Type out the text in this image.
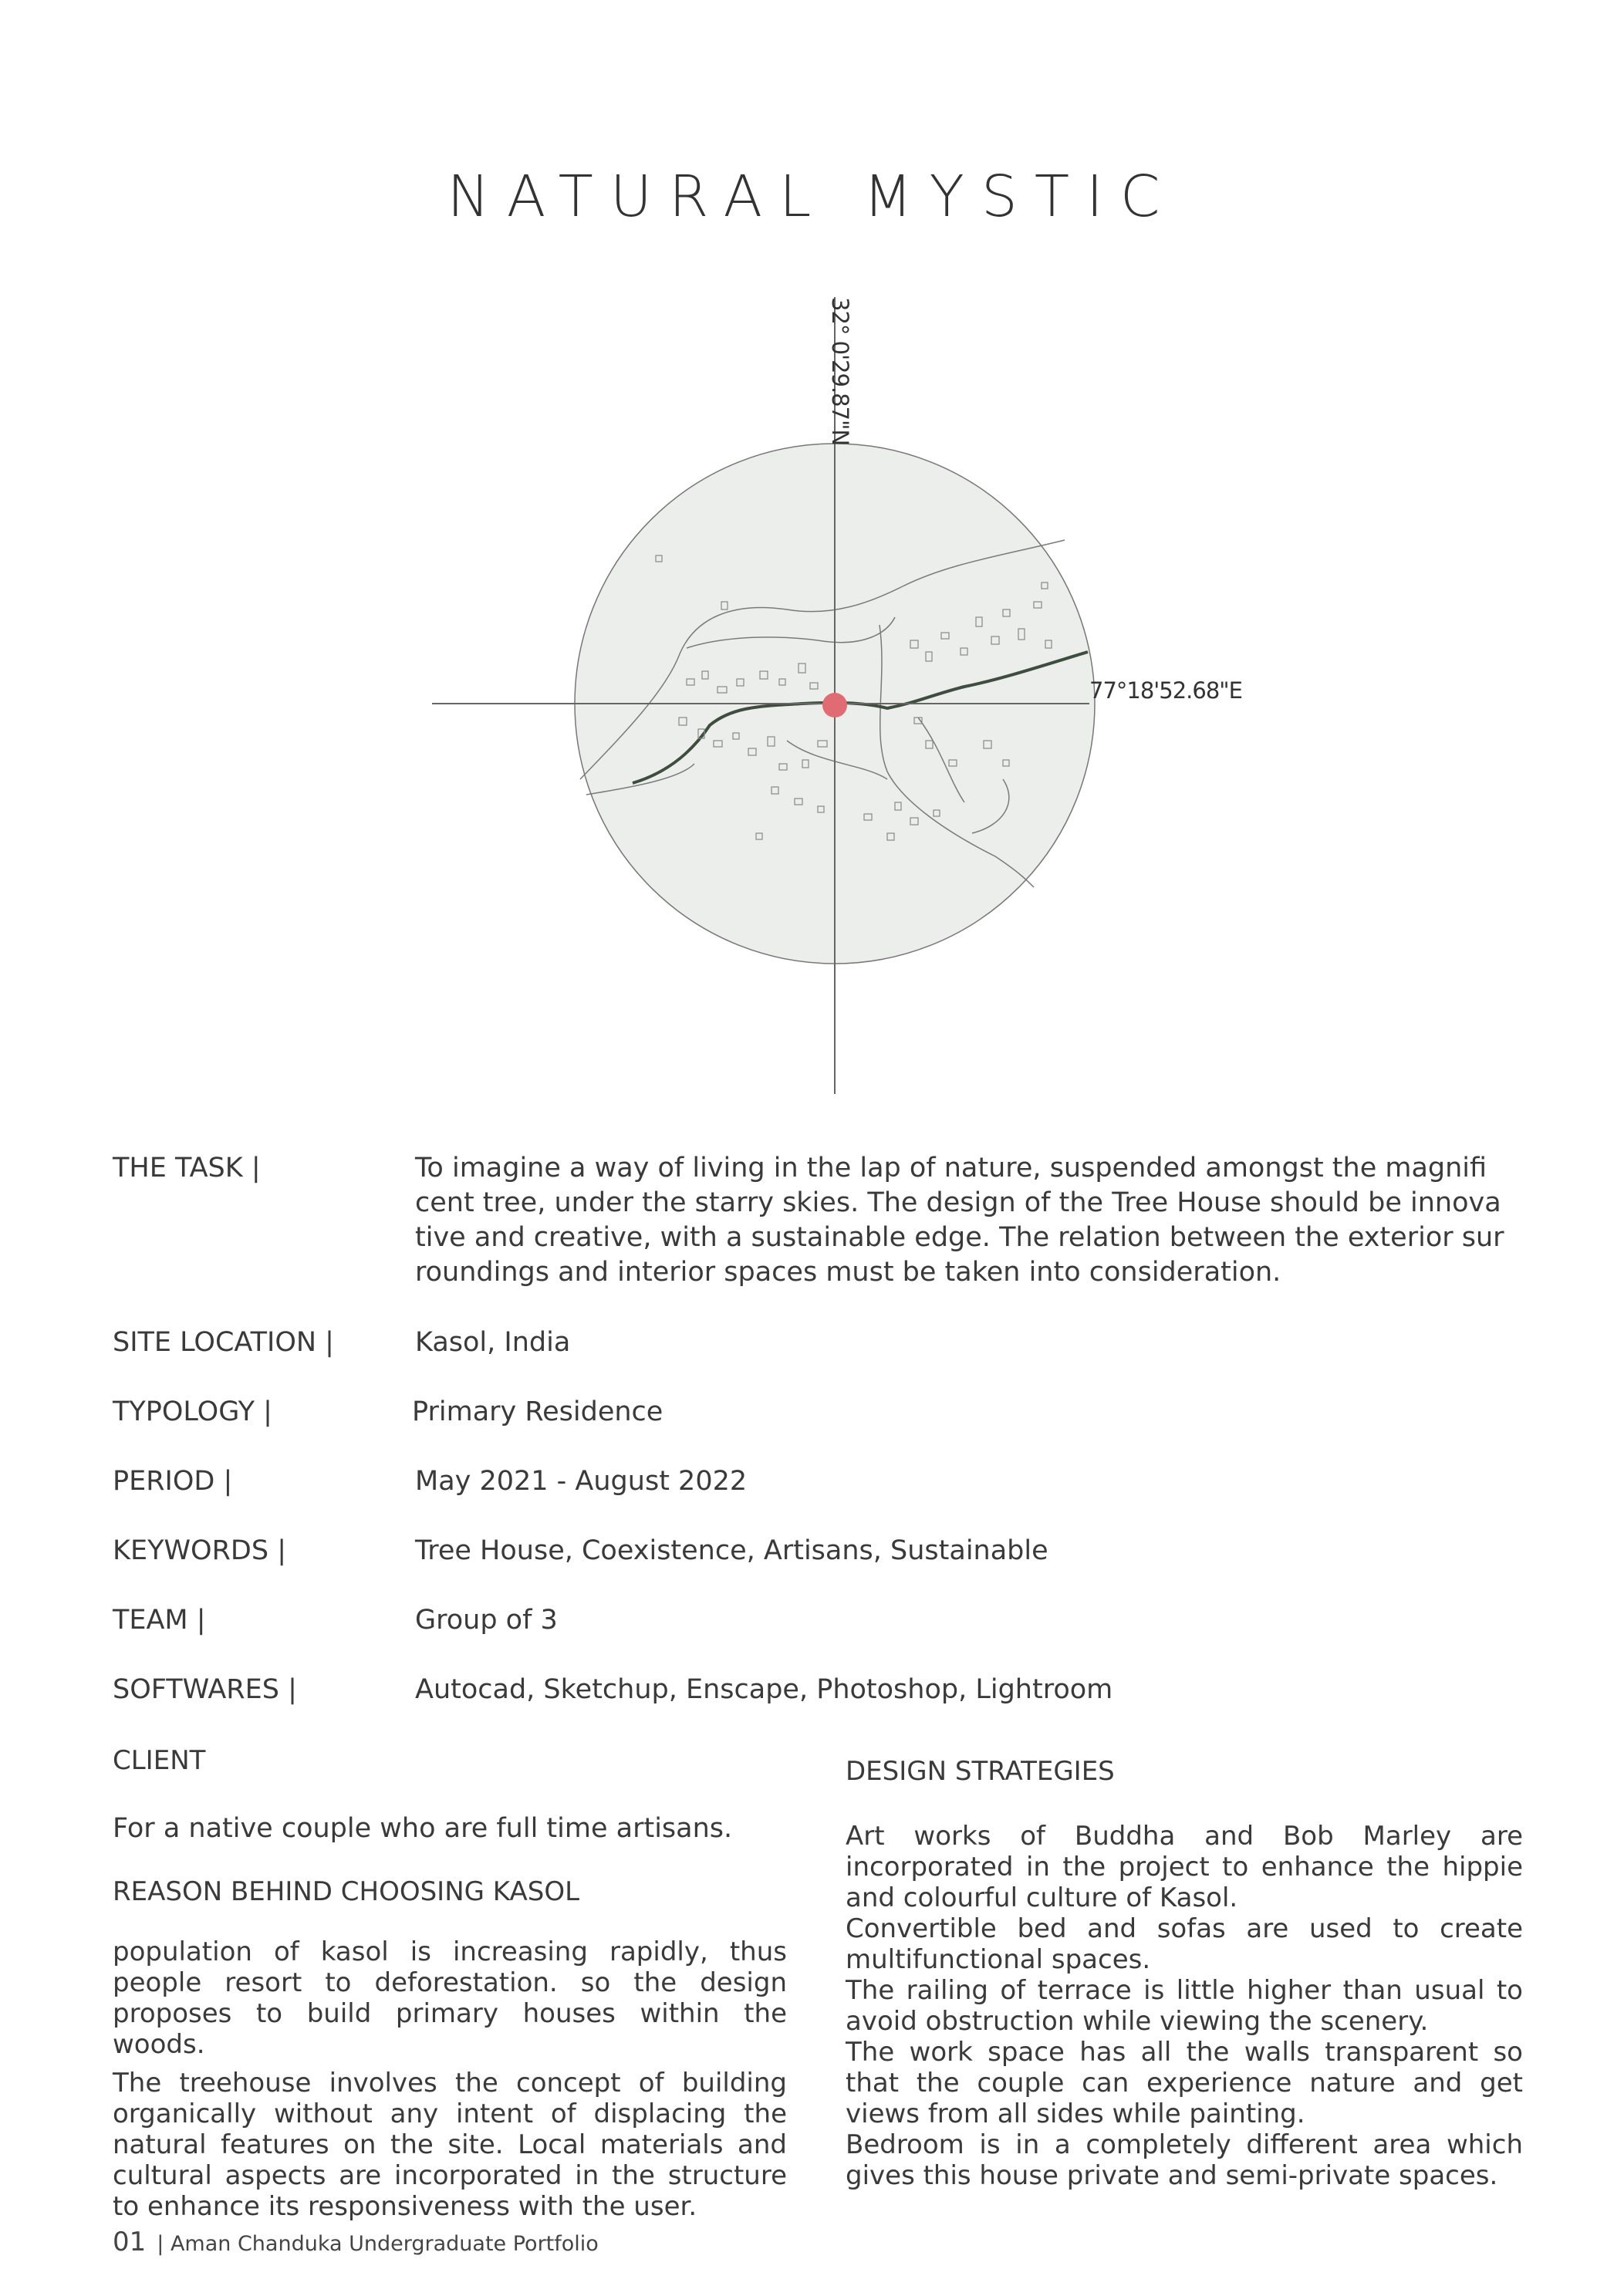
NATURAL MYSTIC
32° 0'29.87"N
77°18'52.68"E
THE TASK |	To imagine a way of living in the lap of nature, suspended amongst the magnifi
cent tree, under the starry skies. The design of the Tree House should be innova
tive and creative, with a sustainable edge. The relation between the exterior sur
roundings and interior spaces must be taken into consideration.
SITE LOCATION |	Kasol, India
TYPOLOGY |	Primary Residence
PERIOD |	May 2021 - August 2022
KEYWORDS |	Tree House, Coexistence, Artisans, Sustainable
TEAM |	Group of 3
SOFTWARES |	Autocad, Sketchup, Enscape, Photoshop, Lightroom
CLIENT
For a native couple who are full time artisans.
REASON BEHIND CHOOSING KASOL

population of kasol is increasing rapidly, thus people resort to deforestation. so the design proposes to build primary houses within the woods.

The treehouse involves the concept of building organically without any intent of displacing the natural features on the site. Local materials and cultural aspects are incorporated in the structure to enhance its responsiveness with the user.

DESIGN STRATEGIES

Art works of Buddha and Bob Marley are incorporated in the project to enhance the hippie and colourful culture of Kasol.

Convertible bed and sofas are used to create multifunctional spaces.

The railing of terrace is little higher than usual to avoid obstruction while viewing the scenery.

The work space has all the walls transparent so that the couple can experience nature and get views from all sides while painting.

Bedroom is in a completely different area which gives this house private and semi-private spaces.

01 | Aman Chanduka Undergraduate Portfolio
